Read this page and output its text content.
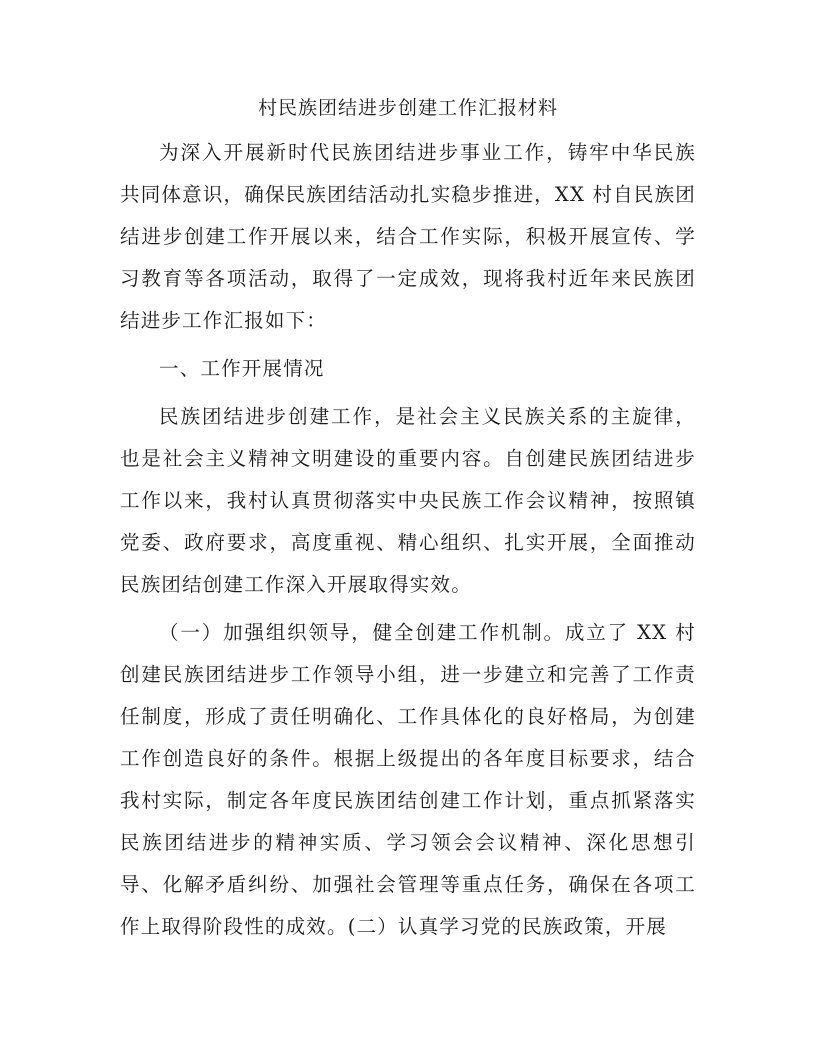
村民族团结进步创建工作汇报材料

为深入开展新时代民族团结进步事业工作，铸牢中华民族共同体意识，确保民族团结活动扎实稳步推进，XX 村自民族团结进步创建工作开展以来，结合工作实际，积极开展宣传、学习教育等各项活动，取得了一定成效，现将我村近年来民族团结进步工作汇报如下：

一、工作开展情况

民族团结进步创建工作，是社会主义民族关系的主旋律，也是社会主义精神文明建设的重要内容。自创建民族团结进步工作以来，我村认真贯彻落实中央民族工作会议精神，按照镇党委、政府要求，高度重视、精心组织、扎实开展，全面推动民族团结创建工作深入开展取得实效。

（一）加强组织领导，健全创建工作机制。成立了 XX 村创建民族团结进步工作领导小组，进一步建立和完善了工作责任制度，形成了责任明确化、工作具体化的良好格局，为创建工作创造良好的条件。根据上级提出的各年度目标要求，结合我村实际，制定各年度民族团结创建工作计划，重点抓紧落实民族团结进步的精神实质、学习领会会议精神、深化思想引导、化解矛盾纠纷、加强社会管理等重点任务，确保在各项工作上取得阶段性的成效。(二）认真学习党的民族政策，开展
